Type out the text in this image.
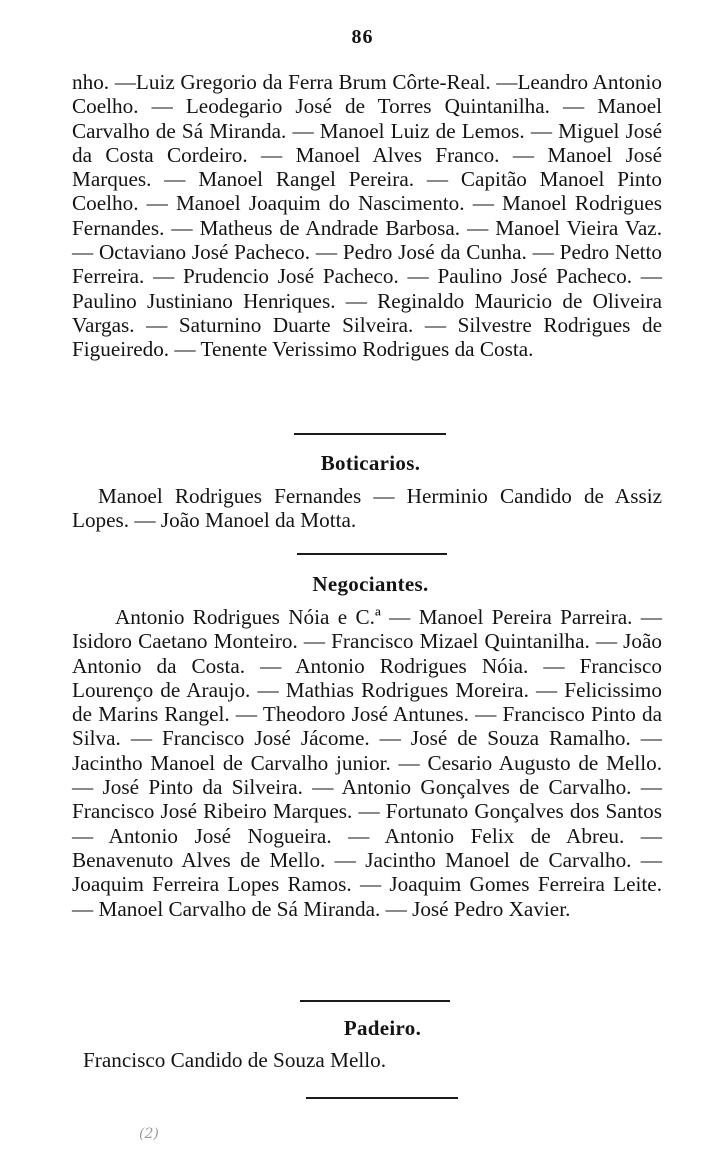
86

nho. —Luiz Gregorio da Ferra Brum Côrte-Real. —Leandro Antonio Coelho. — Leodegario José de Torres Quintanilha. — Manoel Carvalho de Sá Miranda. — Manoel Luiz de Lemos. — Miguel José da Costa Cordeiro. — Manoel Alves Franco. — Manoel José Marques. — Manoel Rangel Pereira. — Capitão Manoel Pinto Coelho. — Manoel Joaquim do Nascimento. — Manoel Rodrigues Fernandes. — Matheus de Andrade Barbosa. — Manoel Vieira Vaz. — Octaviano José Pacheco. — Pedro José da Cunha. — Pedro Netto Ferreira. — Prudencio José Pacheco. — Paulino José Pacheco. — Paulino Justiniano Henriques. — Reginaldo Mauricio de Oliveira Vargas. — Saturnino Duarte Silveira. — Silvestre Rodrigues de Figueiredo. — Tenente Verissimo Rodrigues da Costa.

Boticarios.

Manoel Rodrigues Fernandes — Herminio Candido de Assiz Lopes. — João Manoel da Motta.

Negociantes.

Antonio Rodrigues Nóia e C.ª — Manoel Pereira Parreira. — Isidoro Caetano Monteiro. — Francisco Mizael Quintanilha. — João Antonio da Costa. — Antonio Rodrigues Nóia. — Francisco Lourenço de Araujo. — Mathias Rodrigues Moreira. — Felicissimo de Marins Rangel. — Theodoro José Antunes. — Francisco Pinto da Silva. — Francisco José Jácome. — José de Souza Ramalho. — Jacintho Manoel de Carvalho junior. — Cesario Augusto de Mello. — José Pinto da Silveira. — Antonio Gonçalves de Carvalho. — Francisco José Ribeiro Marques. — Fortunato Gonçalves dos Santos — Antonio José Nogueira. — Antonio Felix de Abreu. — Benavenuto Alves de Mello. — Jacintho Manoel de Carvalho. — Joaquim Ferreira Lopes Ramos. — Joaquim Gomes Ferreira Leite. — Manoel Carvalho de Sá Miranda. — José Pedro Xavier.

Padeiro.

Francisco Candido de Souza Mello.

(2)
